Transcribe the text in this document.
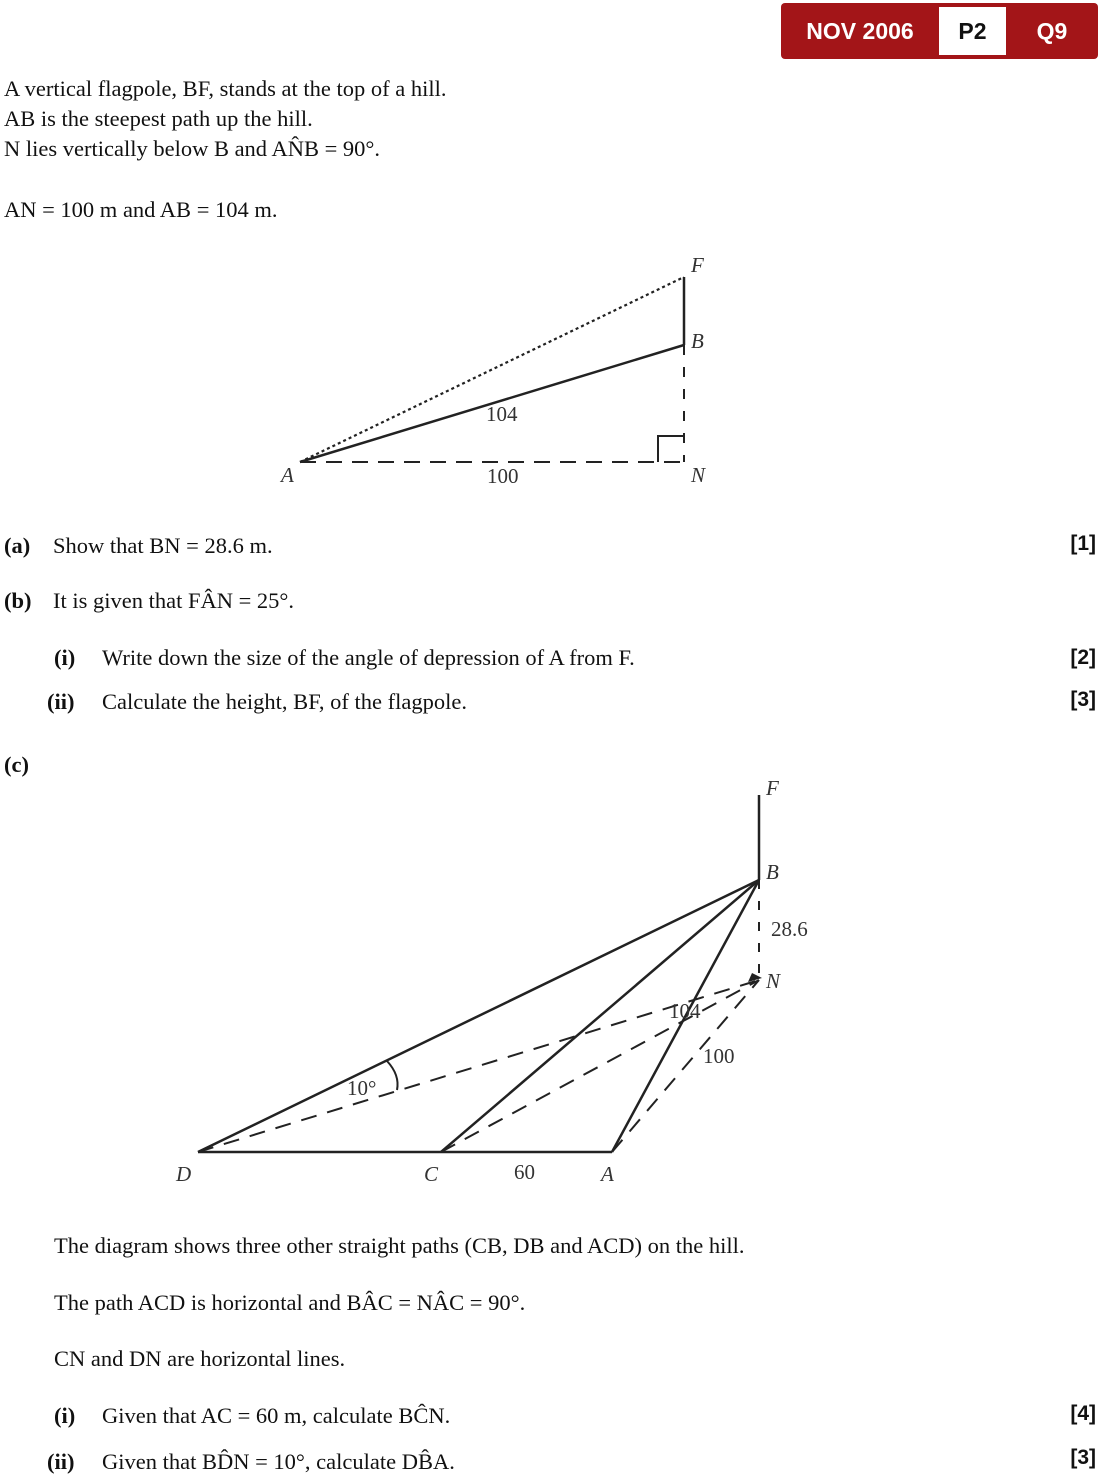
NOV 2006	P2	Q9
A vertical flagpole, BF, stands at the top of a hill.
AB is the steepest path up the hill.
N lies vertically below B and AN̂B = 90°.
AN = 100 m and AB = 104 m.
F
B
A	N
104
100
(a) Show that BN = 28.6 m.	[1]
(b) It is given that FÂN = 25°.
(i) Write down the size of the angle of depression of A from F.	[2]
(ii) Calculate the height, BF, of the flagpole.	[3]
(c)
F
B
N
D	C	A
28.6
104
100
60
10°
The diagram shows three other straight paths (CB, DB and ACD) on the hill.
The path ACD is horizontal and BÂC = NÂC = 90°.
CN and DN are horizontal lines.
(i) Given that AC = 60 m, calculate BĈN.	[4]
(ii) Given that BD̂N = 10°, calculate DB̂A.	[3]
